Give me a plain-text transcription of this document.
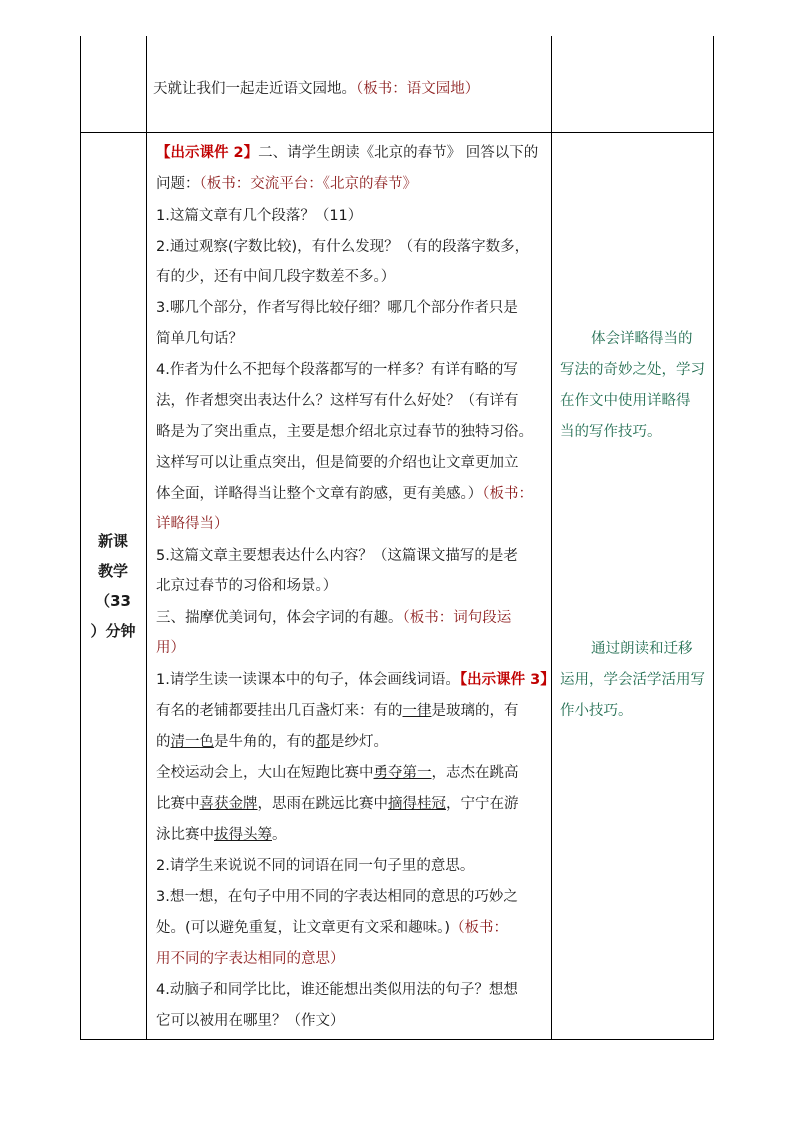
天就让我们一起走近语文园地。（板书：语文园地）
新课
教学
（33
）分钟
【出示课件 2】二、请学生朗读《北京的春节》 回答以下的
问题：（板书：交流平台：《北京的春节》
1.这篇文章有几个段落？（11）
2.通过观察(字数比较)，有什么发现？（有的段落字数多，
有的少，还有中间几段字数差不多。）
3.哪几个部分，作者写得比较仔细？哪几个部分作者只是
简单几句话？
4.作者为什么不把每个段落都写的一样多？有详有略的写
法，作者想突出表达什么？这样写有什么好处？（有详有
略是为了突出重点，主要是想介绍北京过春节的独特习俗。
这样写可以让重点突出，但是简要的介绍也让文章更加立
体全面，详略得当让整个文章有韵感，更有美感。）（板书：
详略得当）
5.这篇文章主要想表达什么内容？（这篇课文描写的是老
北京过春节的习俗和场景。）
三、揣摩优美词句，体会字词的有趣。（板书：词句段运
用）
1.请学生读一读课本中的句子，体会画线词语。【出示课件 3】
有名的老铺都要挂出几百盏灯来：有的一律是玻璃的，有
的清一色是牛角的，有的都是纱灯。
全校运动会上，大山在短跑比赛中勇夺第一，志杰在跳高
比赛中喜获金牌，思雨在跳远比赛中摘得桂冠，宁宁在游
泳比赛中拔得头筹。
2.请学生来说说不同的词语在同一句子里的意思。
3.想一想，在句子中用不同的字表达相同的意思的巧妙之
处。(可以避免重复，让文章更有文采和趣味。)（板书：
用不同的字表达相同的意思）
4.动脑子和同学比比，谁还能想出类似用法的句子？想想
它可以被用在哪里？（作文）
体会详略得当的
写法的奇妙之处，学习
在作文中使用详略得
当的写作技巧。
通过朗读和迁移
运用，学会活学活用写
作小技巧。
